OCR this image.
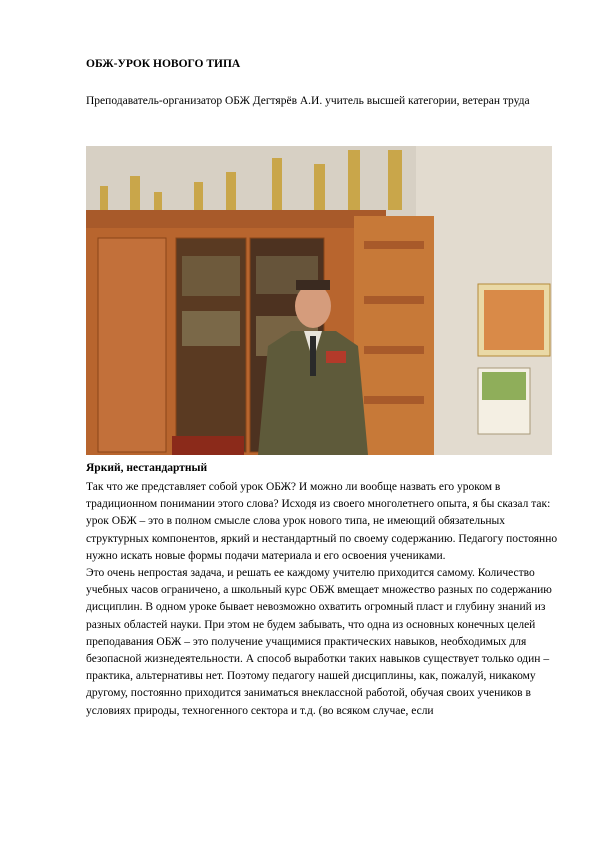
ОБЖ-УРОК НОВОГО ТИПА

Преподаватель-организатор ОБЖ Дегтярёв А.И. учитель высшей категории, ветеран труда

Яркий, нестандартный

Так что же представляет собой урок ОБЖ? И можно ли вообще назвать его уроком в традиционном понимании этого слова? Исходя из своего многолетнего опыта, я бы сказал так: урок ОБЖ – это в полном смысле слова урок нового типа, не имеющий обязательных структурных компонентов, яркий и нестандартный по своему содержанию. Педагогу постоянно нужно искать новые формы подачи материала и его освоения учениками.

Это очень непростая задача, и решать ее каждому учителю приходится самому. Количество учебных часов ограничено, а школьный курс ОБЖ вмещает множество разных по содержанию дисциплин. В одном уроке бывает невозможно охватить огромный пласт и глубину знаний из разных областей науки. При этом не будем забывать, что одна из основных конечных целей преподавания ОБЖ – это получение учащимися практических навыков, необходимых для безопасной жизнедеятельности. А способ выработки таких навыков существует только один – практика, альтернативы нет. Поэтому педагогу нашей дисциплины, как, пожалуй, никакому другому, постоянно приходится заниматься внеклассной работой, обучая своих учеников в условиях природы, техногенного сектора и т.д. (во всяком случае, если
